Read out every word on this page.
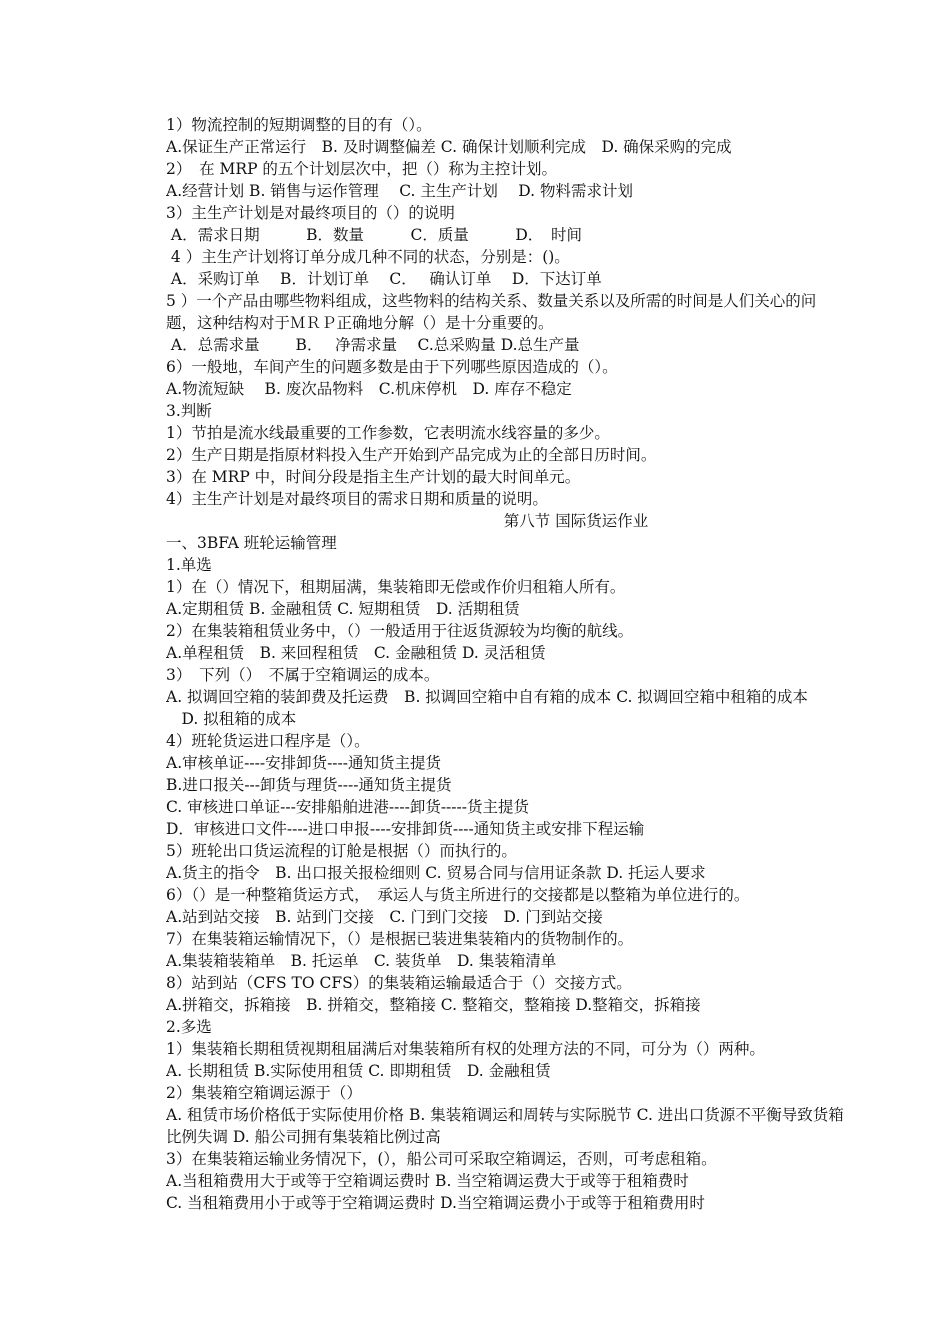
1）物流控制的短期调整的目的有（）。
A.保证生产正常运行　B. 及时调整偏差 C. 确保计划顺利完成　D. 确保采购的完成
2）　在 MRP 的五个计划层次中，把（）称为主控计划。
A.经营计划 B. 销售与运作管理　 C. 主生产计划　 D. 物料需求计划
3）主生产计划是对最终项目的（）的说明
A．需求日期　　　B．数量　　　C．质量　　　D．　时间
4 ）主生产计划将订单分成几种不同的状态，分别是：()。
A．采购订单　 B．计划订单　 C．　 确认订单　 D．下达订单
5 ）一个产品由哪些物料组成，这些物料的结构关系、数量关系以及所需的时间是人们关心的问题，这种结构对于ＭＲＰ正确地分解（）是十分重要的。
A．总需求量　　 B．　 净需求量　 C.总采购量 D.总生产量
6）一般地，车间产生的问题多数是由于下列哪些原因造成的（）。
A.物流短缺　 B. 废次品物料　C.机床停机　D. 库存不稳定
3.判断
1）节拍是流水线最重要的工作参数，它表明流水线容量的多少。
2）生产日期是指原材料投入生产开始到产品完成为止的全部日历时间。
3）在 MRP 中，时间分段是指主生产计划的最大时间单元。
4）主生产计划是对最终项目的需求日期和质量的说明。
第八节 国际货运作业
一、3BFA 班轮运输管理
1.单选
1）在（）情况下，租期届满，集装箱即无偿或作价归租箱人所有。
A.定期租赁 B. 金融租赁 C. 短期租赁　D. 活期租赁
2）在集装箱租赁业务中，（）一般适用于往返货源较为均衡的航线。
A.单程租赁　B. 来回程租赁　C. 金融租赁 D. 灵活租赁
3）　下列（）　不属于空箱调运的成本。
A. 拟调回空箱的装卸费及托运费　B. 拟调回空箱中自有箱的成本 C. 拟调回空箱中租箱的成本
　D. 拟租箱的成本
4）班轮货运进口程序是（）。
A.审核单证----安排卸货----通知货主提货
B.进口报关---卸货与理货----通知货主提货
C. 审核进口单证---安排船舶进港----卸货-----货主提货
D．审核进口文件----进口申报----安排卸货----通知货主或安排下程运输
5）班轮出口货运流程的订舱是根据（）而执行的。
A.货主的指令　B. 出口报关报检细则 C. 贸易合同与信用证条款 D. 托运人要求
6）（）是一种整箱货运方式，　承运人与货主所进行的交接都是以整箱为单位进行的。
A.站到站交接　B. 站到门交接　C. 门到门交接　D. 门到站交接
7）在集装箱运输情况下，（）是根据已装进集装箱内的货物制作的。
A.集装箱装箱单　B. 托运单　C. 装货单　D. 集装箱清单
8）站到站（CFS TO CFS）的集装箱运输最适合于（）交接方式。
A.拼箱交，拆箱接　B. 拼箱交，整箱接 C. 整箱交，整箱接 D.整箱交，拆箱接
2.多选
1）集装箱长期租赁视期租届满后对集装箱所有权的处理方法的不同，可分为（）两种。
A. 长期租赁 B.实际使用租赁 C. 即期租赁　D. 金融租赁
2）集装箱空箱调运源于（）
A. 租赁市场价格低于实际使用价格 B. 集装箱调运和周转与实际脱节 C. 进出口货源不平衡导致货箱比例失调 D. 船公司拥有集装箱比例过高
3）在集装箱运输业务情况下，(），船公司可采取空箱调运，否则，可考虑租箱。
A.当租箱费用大于或等于空箱调运费时 B. 当空箱调运费大于或等于租箱费时
C. 当租箱费用小于或等于空箱调运费时 D.当空箱调运费小于或等于租箱费用时
